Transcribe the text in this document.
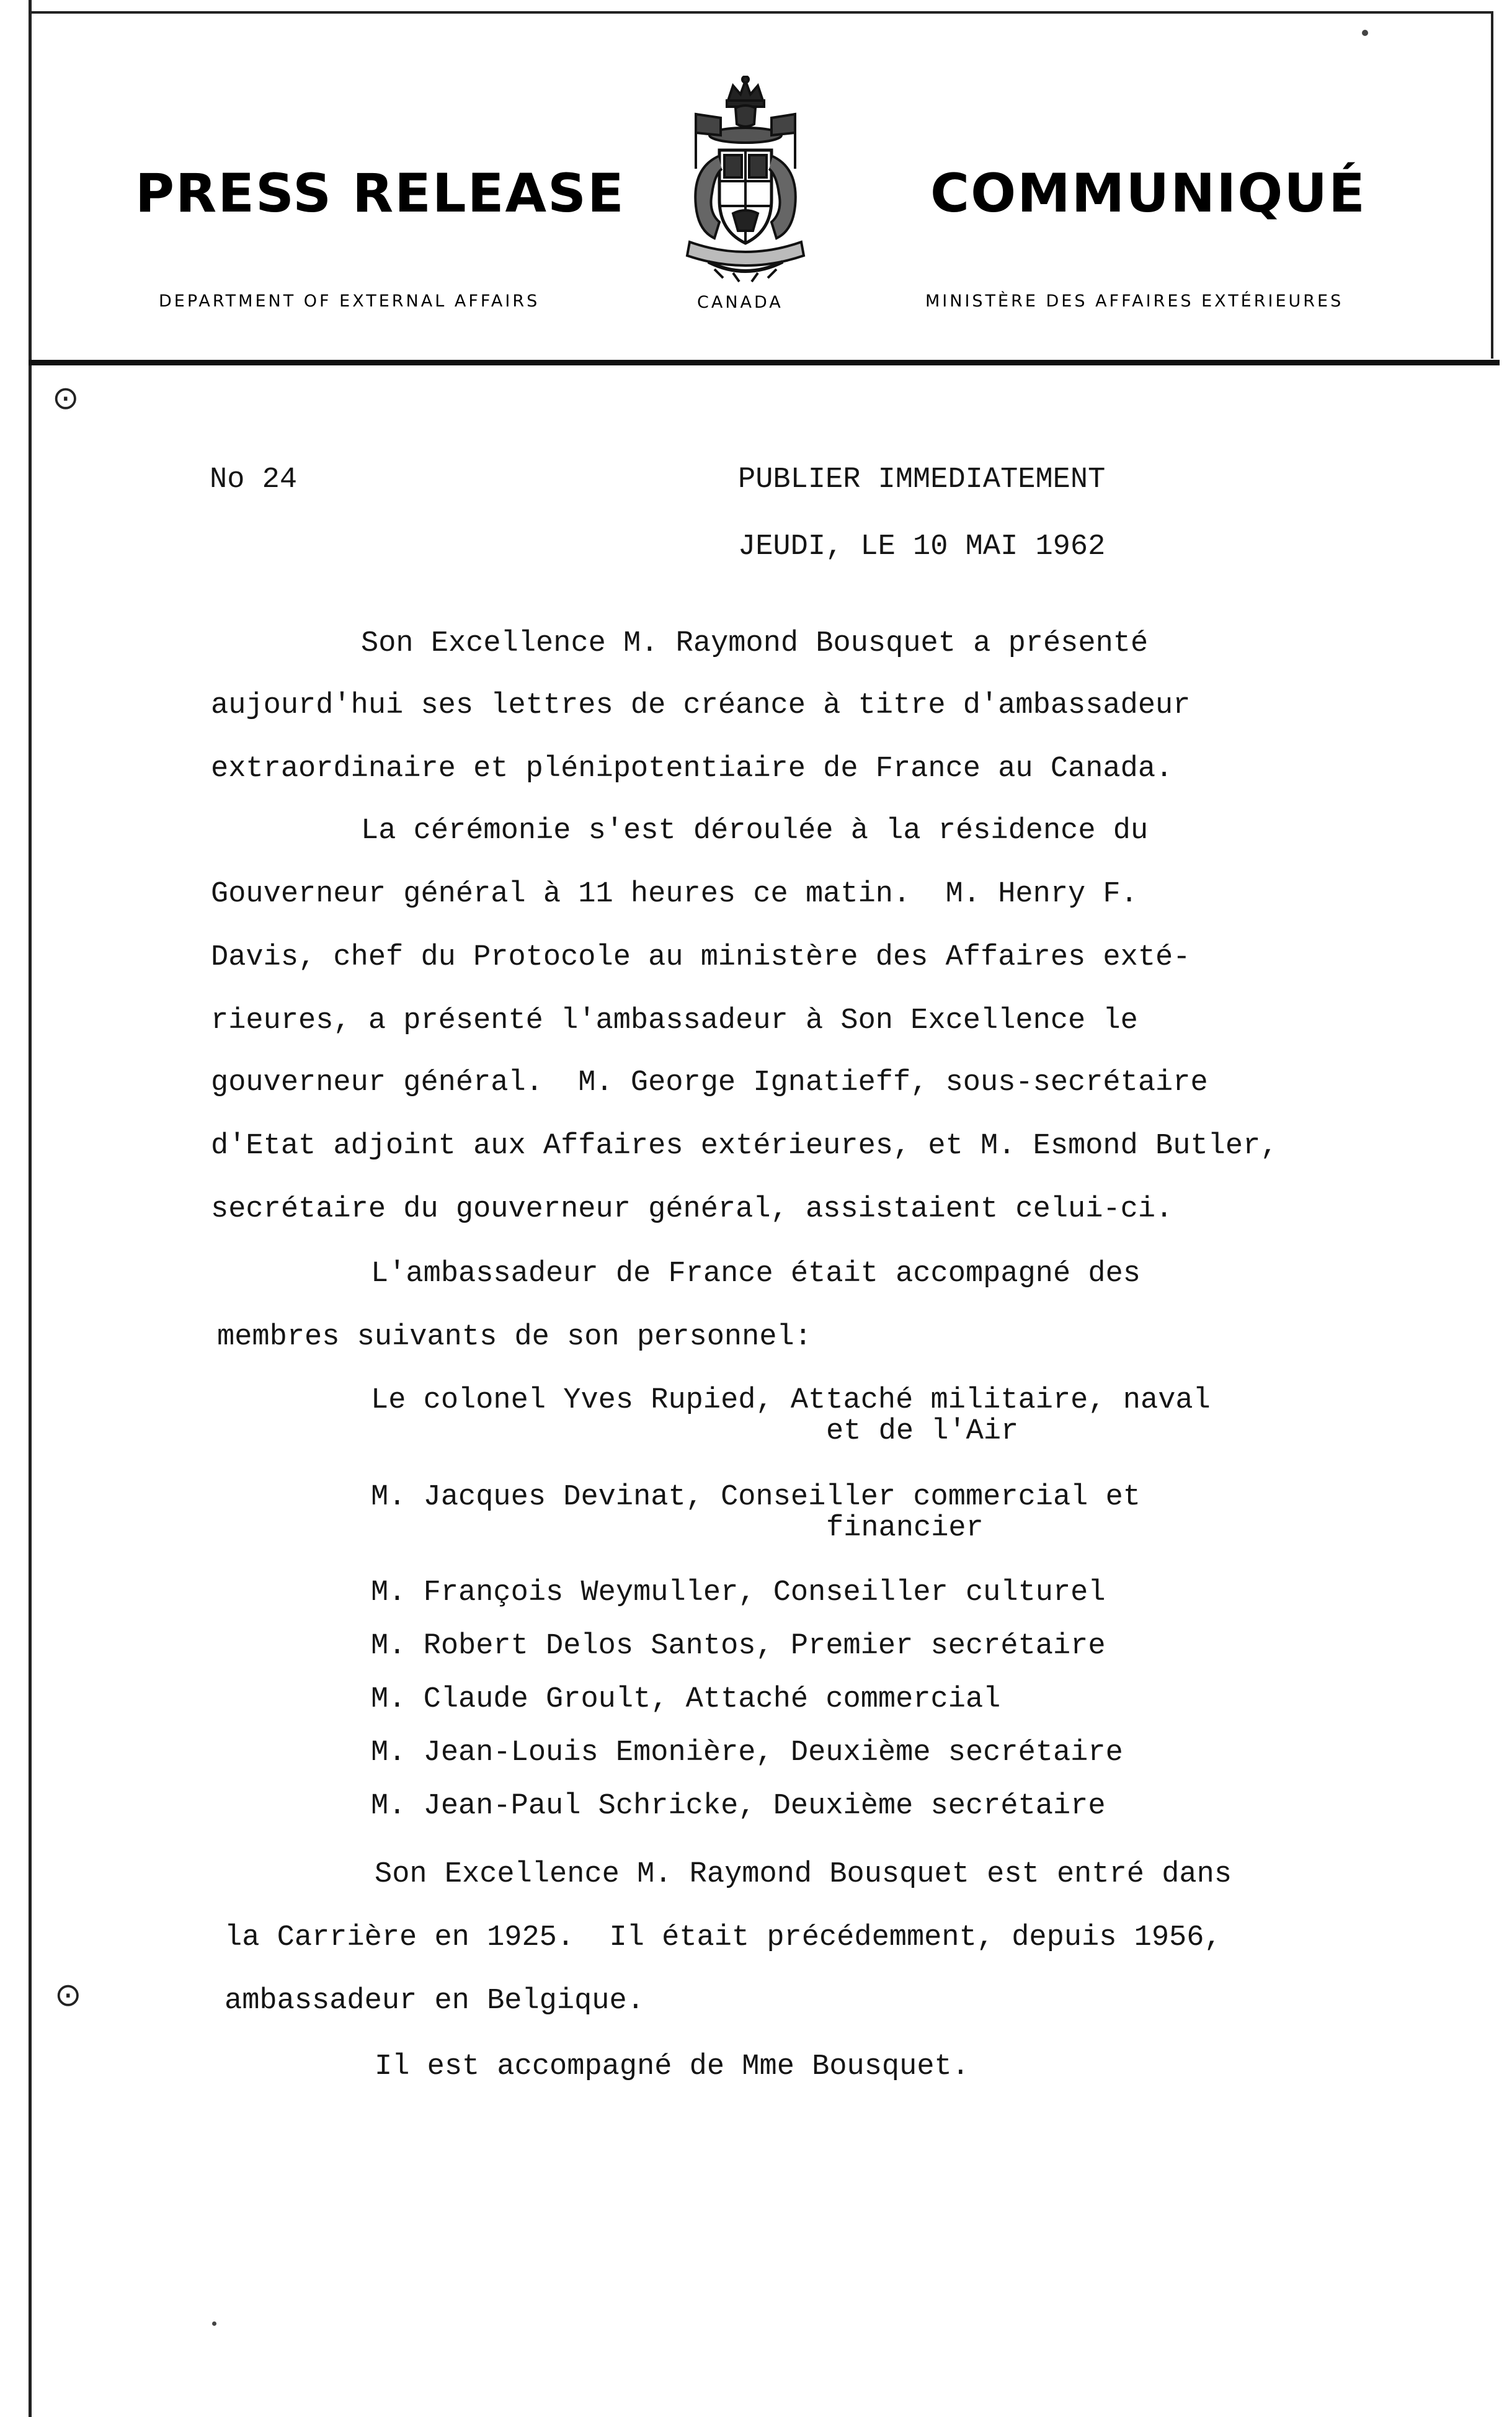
PRESS RELEASE
DEPARTMENT OF EXTERNAL AFFAIRS	CANADA
COMMUNIQUÉ
MINISTÈRE DES AFFAIRES EXTÉRIEURES
⊙
⊙
No 24	PUBLIER IMMEDIATEMENT
JEUDI, LE 10 MAI 1962
Son Excellence M. Raymond Bousquet a présenté
aujourd'hui ses lettres de créance à titre d'ambassadeur
extraordinaire et plénipotentiaire de France au Canada.
La cérémonie s'est déroulée à la résidence du
Gouverneur général à 11 heures ce matin.  M. Henry F.
Davis, chef du Protocole au ministère des Affaires exté-
rieures, a présenté l'ambassadeur à Son Excellence le
gouverneur général.  M. George Ignatieff, sous-secrétaire
d'Etat adjoint aux Affaires extérieures, et M. Esmond Butler,
secrétaire du gouverneur général, assistaient celui-ci.
L'ambassadeur de France était accompagné des
membres suivants de son personnel:
Le colonel Yves Rupied, Attaché militaire, naval
et de l'Air
M. Jacques Devinat, Conseiller commercial et
financier
M. François Weymuller, Conseiller culturel
M. Robert Delos Santos, Premier secrétaire
M. Claude Groult, Attaché commercial
M. Jean-Louis Emonière, Deuxième secrétaire
M. Jean-Paul Schricke, Deuxième secrétaire
Son Excellence M. Raymond Bousquet est entré dans
la Carrière en 1925.  Il était précédemment, depuis 1956,
ambassadeur en Belgique.
Il est accompagné de Mme Bousquet.
